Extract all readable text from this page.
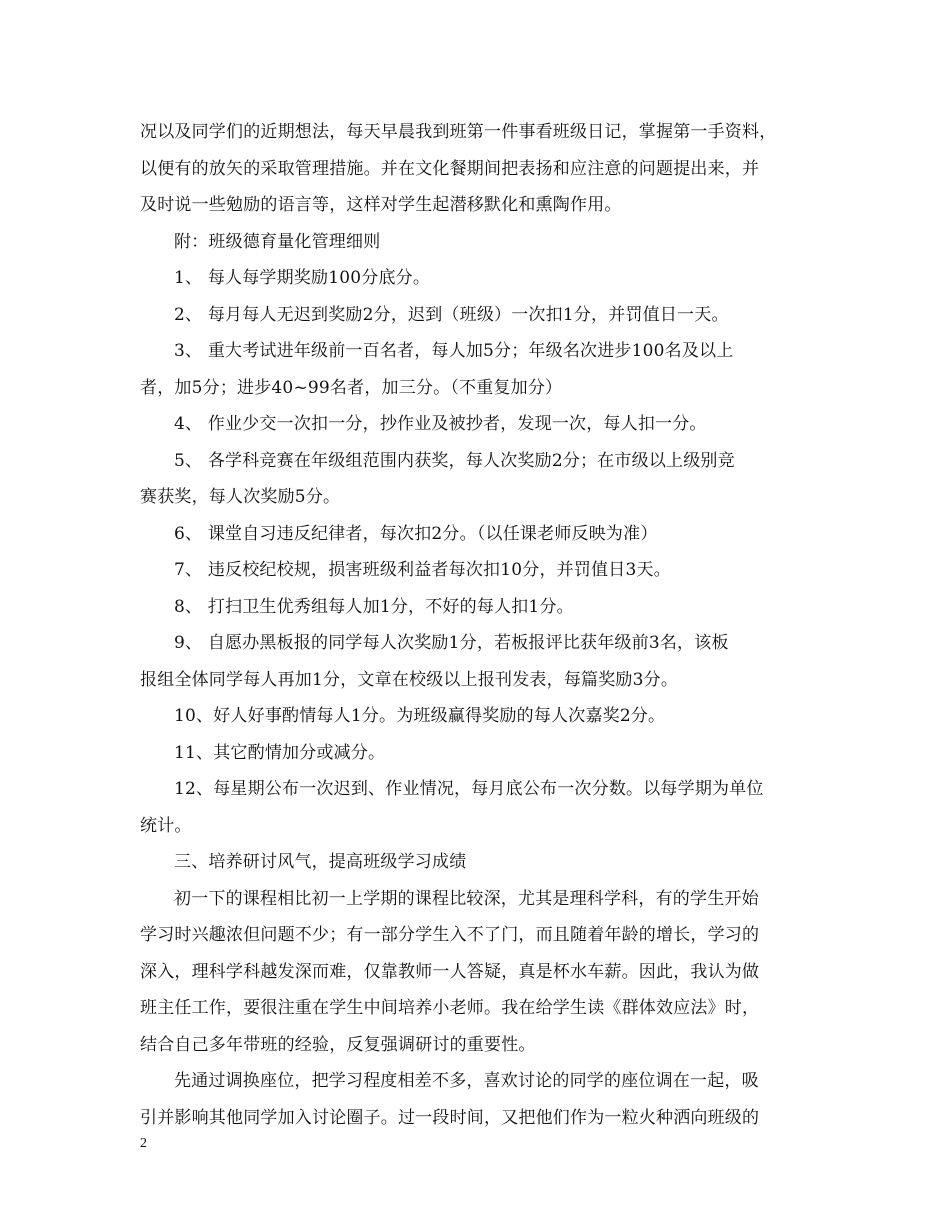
况以及同学们的近期想法，每天早晨我到班第一件事看班级日记，掌握第一手资料，
以便有的放矢的采取管理措施。并在文化餐期间把表扬和应注意的问题提出来，并
及时说一些勉励的语言等，这样对学生起潜移默化和熏陶作用。
附：班级德育量化管理细则
1、 每人每学期奖励100分底分。
2、 每月每人无迟到奖励2分，迟到（班级）一次扣1分，并罚值日一天。
3、 重大考试进年级前一百名者，每人加5分；年级名次进步100名及以上
者，加5分；进步40~99名者，加三分。（不重复加分）
4、 作业少交一次扣一分，抄作业及被抄者，发现一次，每人扣一分。
5、 各学科竞赛在年级组范围内获奖，每人次奖励2分；在市级以上级别竞
赛获奖，每人次奖励5分。
6、 课堂自习违反纪律者，每次扣2分。（以任课老师反映为准）
7、 违反校纪校规，损害班级利益者每次扣10分，并罚值日3天。
8、 打扫卫生优秀组每人加1分，不好的每人扣1分。
9、 自愿办黑板报的同学每人次奖励1分，若板报评比获年级前3名，该板
报组全体同学每人再加1分，文章在校级以上报刊发表，每篇奖励3分。
10、好人好事酌情每人1分。为班级赢得奖励的每人次嘉奖2分。
11、其它酌情加分或减分。
12、每星期公布一次迟到、作业情况，每月底公布一次分数。以每学期为单位
统计。
三、培养研讨风气，提高班级学习成绩
初一下的课程相比初一上学期的课程比较深，尤其是理科学科，有的学生开始
学习时兴趣浓但问题不少；有一部分学生入不了门，而且随着年龄的增长，学习的
深入，理科学科越发深而难，仅靠教师一人答疑，真是杯水车薪。因此，我认为做
班主任工作，要很注重在学生中间培养小老师。我在给学生读《群体效应法》时，
结合自己多年带班的经验，反复强调研讨的重要性。
先通过调换座位，把学习程度相差不多，喜欢讨论的同学的座位调在一起，吸
引并影响其他同学加入讨论圈子。过一段时间，又把他们作为一粒火种洒向班级的
2
